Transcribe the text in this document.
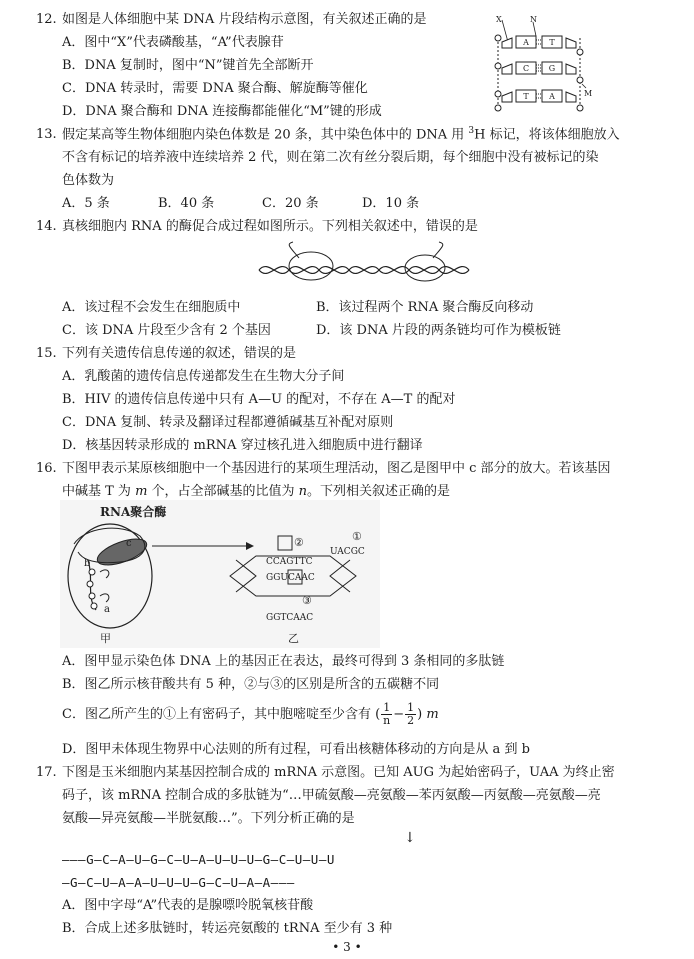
12. 如图是人体细胞中某 DNA 片段结构示意图，有关叙述正确的是
A．图中“X”代表磷酸基，“A”代表腺苷
B．DNA 复制时，图中“N”键首先全部断开
C．DNA 转录时，需要 DNA 聚合酶、解旋酶等催化
D．DNA 聚合酶和 DNA 连接酶都能催化“M”键的形成
X	N
A	T
C G
M
T	A
13. 假定某高等生物体细胞内染色体数是 20 条，其中染色体中的 DNA 用 $^3$H 标记，将该体细胞放入
不含有标记的培养液中连续培养 2 代，则在第二次有丝分裂后期，每个细胞中没有被标记的染
色体数为
A．5 条	B．40 条	C．20 条	D．10 条
14. 真核细胞内 RNA 的酶促合成过程如图所示。下列相关叙述中，错误的是
A．该过程不会发生在细胞质中	B．该过程两个 RNA 聚合酶反向移动
C．该 DNA 片段至少含有 2 个基因	D．该 DNA 片段的两条链均可作为模板链
15. 下列有关遗传信息传递的叙述，错误的是
A．乳酸菌的遗传信息传递都发生在生物大分子间
B．HIV 的遗传信息传递中只有 A—U 的配对，不存在 A—T 的配对
C．DNA 复制、转录及翻译过程都遵循碱基互补配对原则
D．核基因转录形成的 mRNA 穿过核孔进入细胞质中进行翻译
16. 下图甲表示某原核细胞中一个基因进行的某项生理活动，图乙是图甲中 c 部分的放大。若该基因
中碱基 T 为 m 个，占全部碱基的比值为 n。下列相关叙述正确的是
RNA聚合酶
c
b
a
甲
CCAGTTC
UACGC
GGUCAAC
GGTCAAC
②
③
①
乙
A．图甲显示染色体 DNA 上的基因正在表达，最终可得到 3 条相同的多肽链
B．图乙所示核苷酸共有 5 种，②与③的区别是所含的五碳糖不同
C．图乙所产生的①上有密码子，其中胞嘧啶至少含有 ( $\frac{1}{n} - \frac{1}{2}$ ) m
D．图甲未体现生物界中心法则的所有过程，可看出核糖体移动的方向是从 a 到 b
17. 下图是玉米细胞内某基因控制合成的 mRNA 示意图。已知 AUG 为起始密码子，UAA 为终止密
码子，该 mRNA 控制合成的多肽链为“…甲硫氨酸—亮氨酸—苯丙氨酸—丙氨酸—亮氨酸—亮
氨酸—异亮氨酸—半胱氨酸…”。下列分析正确的是
↓
———G—C—A—U—G—C—U—A—U—U—U—G—C—U—U—U
—G—C—U—A—A—U—U—U—G—C—U—A—A———
A．图中字母“A”代表的是腺嘌呤脱氧核苷酸
B．合成上述多肽链时，转运亮氨酸的 tRNA 至少有 3 种
• 3 •
